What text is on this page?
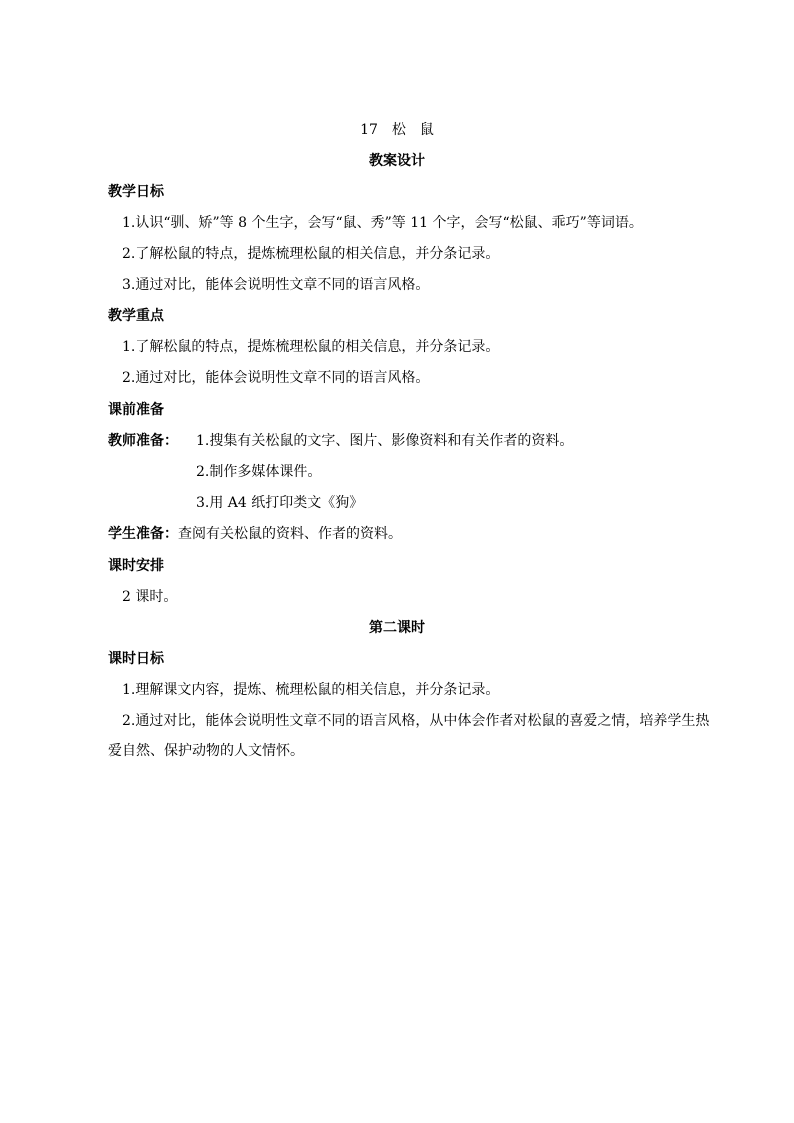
17　松　鼠
教案设计
教学日标
1.认识“驯、矫”等 8 个生字，会写“鼠、秀”等 11 个字，会写“松鼠、乖巧”等词语。
2.了解松鼠的特点，提炼梳理松鼠的相关信息，并分条记录。
3.通过对比，能体会说明性文章不同的语言风格。
教学重点
1.了解松鼠的特点，提炼梳理松鼠的相关信息，并分条记录。
2.通过对比，能体会说明性文章不同的语言风格。
课前准备
教师准备： 1.搜集有关松鼠的文字、图片、影像资料和有关作者的资料。
2.制作多媒体课件。
3.用 A4 纸打印类文《狗》
学生准备：查阅有关松鼠的资料、作者的资料。
课时安排
2 课时。
第二课时
课时日标
1.理解课文内容，提炼、梳理松鼠的相关信息，并分条记录。
2.通过对比，能体会说明性文章不同的语言风格，从中体会作者对松鼠的喜爱之情，培养学生热爱自然、保护动物的人文情怀。
